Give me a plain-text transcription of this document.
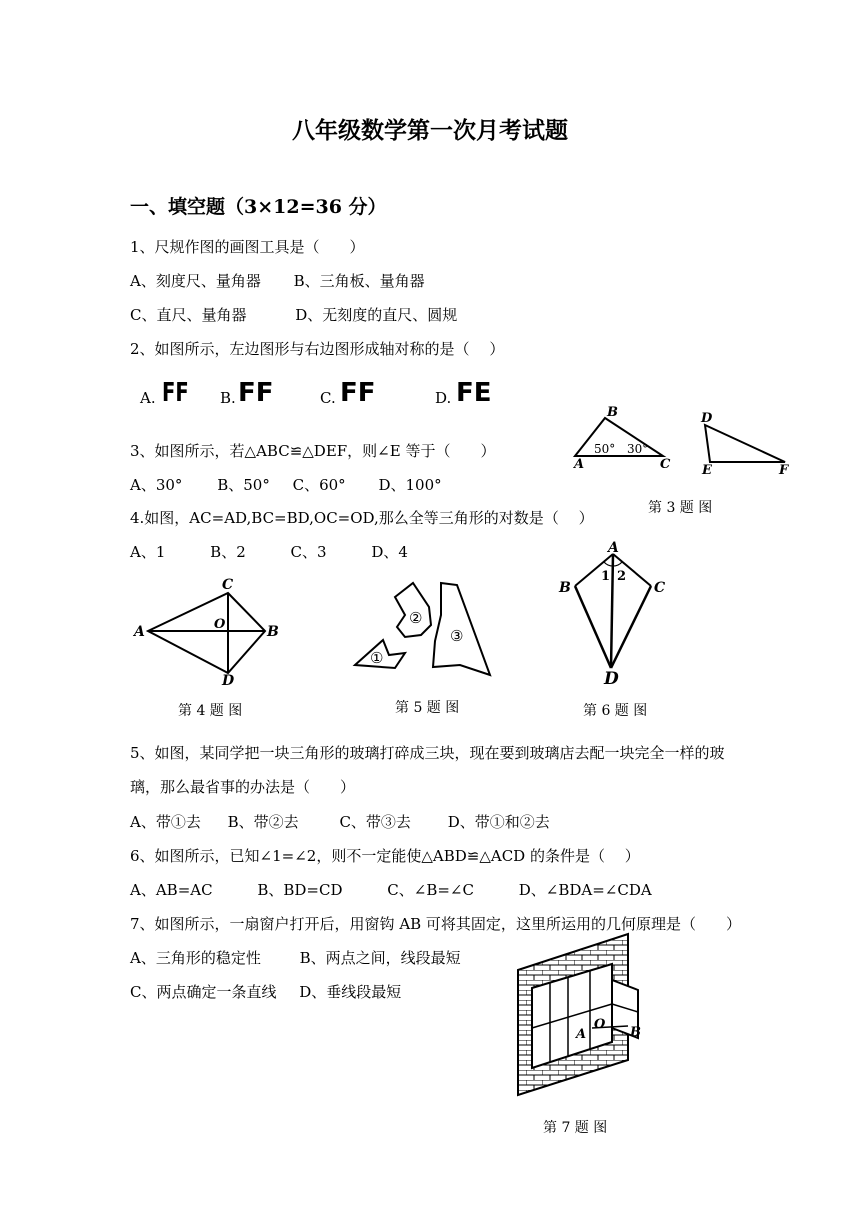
八年级数学第一次月考试题
一、填空题（3×12=36 分）
1、尺规作图的画图工具是（　　）
A、刻度尺、量角器 B、三角板、量角器
C、直尺、量角器	D、无刻度的直尺、圆规
2、如图所示，左边图形与右边图形成轴对称的是（　 ）
A. FF B. FF	C. FF	D. FE
3、如图所示，若△ABC≌△DEF，则∠E 等于（　　）
A、30° B、50° C、60° D、100°
B
A	C
50° 30°
D
E	F
第 3 题 图
4.如图，AC=AD,BC=BD,OC=OD,那么全等三角形的对数是（　 ）
A、1	B、2	C、3	D、4
C
A	B
D
O
第 4 题 图
①
②
③
第 5 题 图
A
B	C
D
1 2
第 6 题 图
5、如图，某同学把一块三角形的玻璃打碎成三块，现在要到玻璃店去配一块完全一样的玻
璃，那么最省事的办法是（　　）
A、带①去 B、带②去	C、带③去 D、带①和②去
6、如图所示，已知∠1=∠2，则不一定能使△ABD≌△ACD 的条件是（　 ）
A、AB=AC	B、BD=CD	C、∠B=∠C	D、∠BDA=∠CDA
7、如图所示，一扇窗户打开后，用窗钩 AB 可将其固定，这里所运用的几何原理是（　　）
A、三角形的稳定性	B、两点之间，线段最短
C、两点确定一条直线 D、垂线段最短
A
O
B
第 7 题 图
